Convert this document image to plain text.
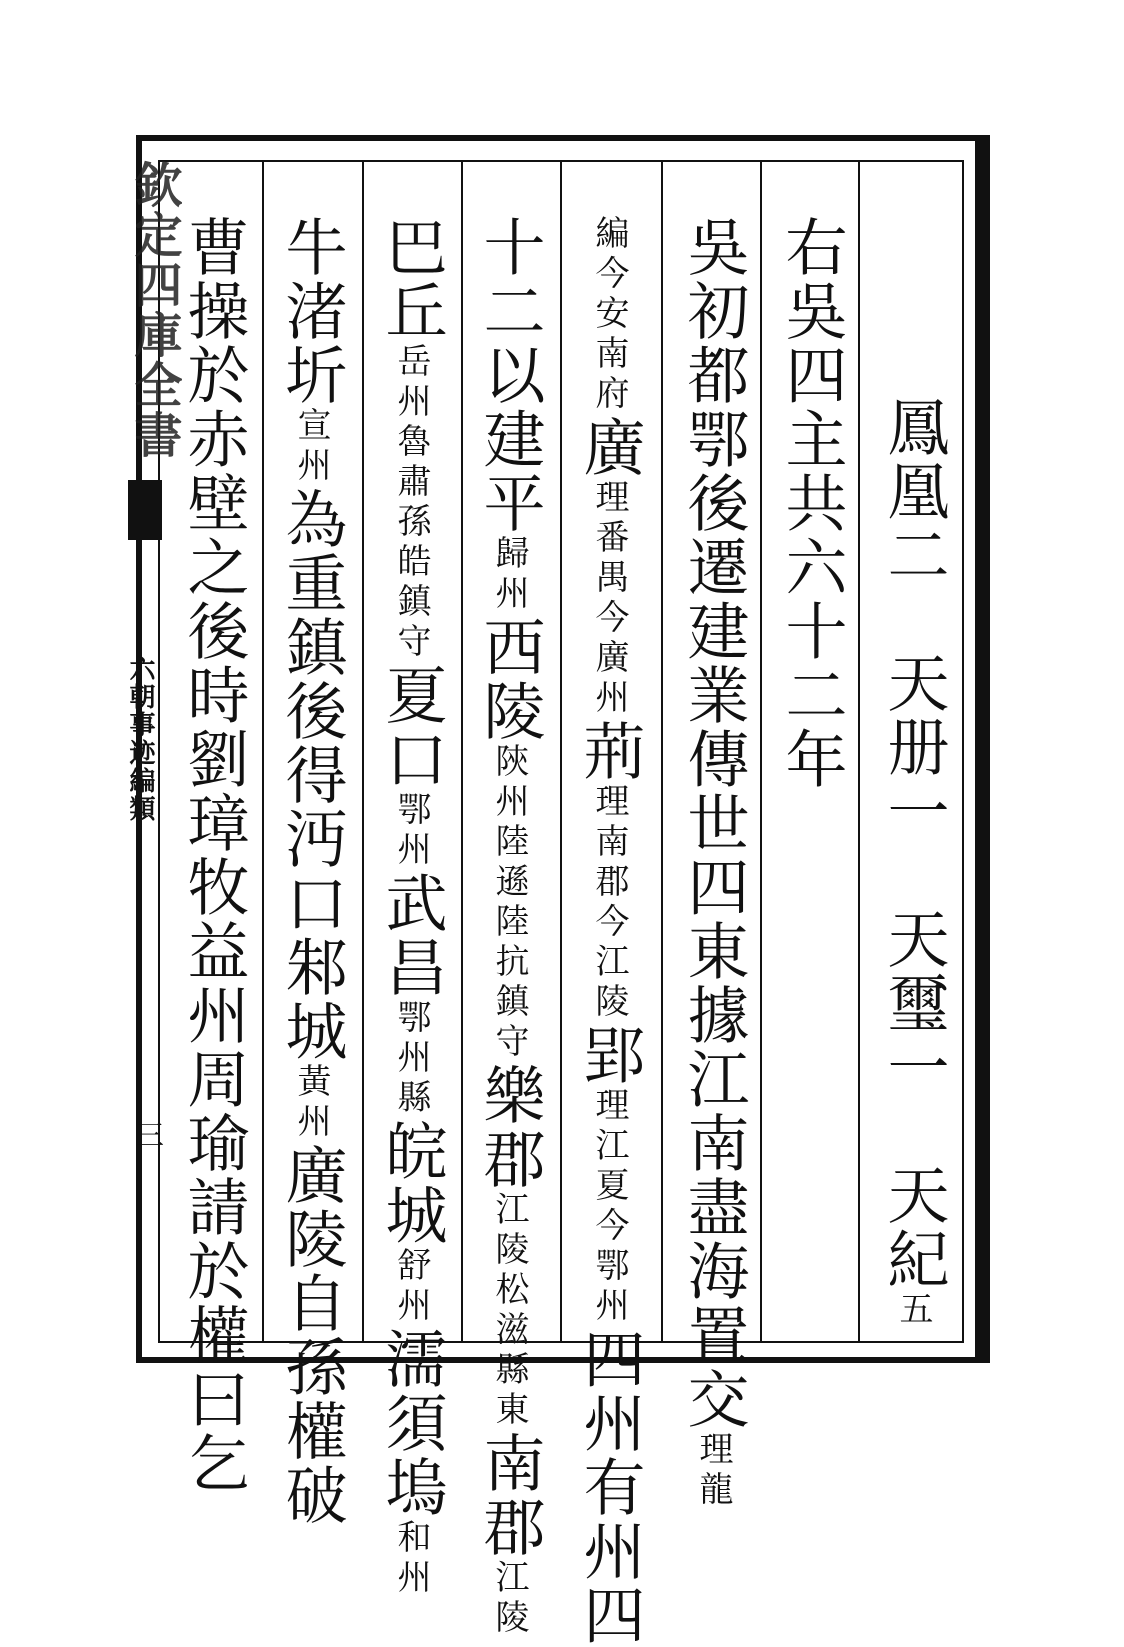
欽定四庫全書
六朝事迹編類
三	鳳凰二　天册一　天璽一　天紀五
右吳四主共六十二年
吳初都鄂後遷建業傳世四東據江南盡海置交理龍
編今安南府廣理番禺今廣州荊理南郡今江陵郢理江夏今鄂州四州有州四
十二以建平歸州西陵陝州陸遜陸抗鎮守樂郡江陵松滋縣東南郡江陵
巴丘岳州魯肅孫皓鎮守夏口鄂州武昌鄂州縣皖城舒州濡須塢和州
牛渚圻宣州為重鎮後得沔口邾城黃州廣陵自孫權破
曹操於赤壁之後時劉璋牧益州周瑜請於權曰乞
